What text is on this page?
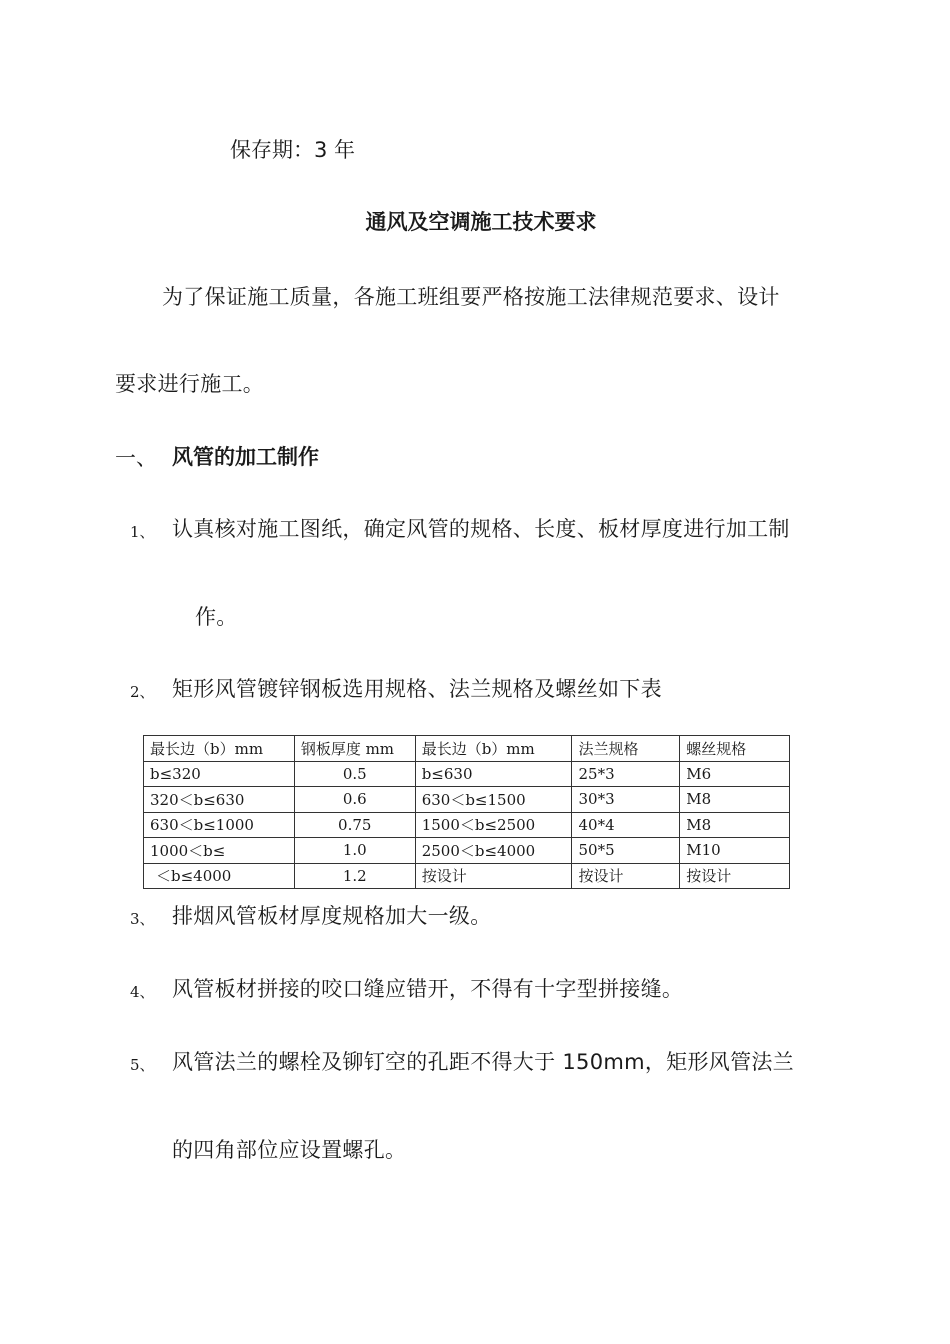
保存期：3 年
通风及空调施工技术要求
为了保证施工质量，各施工班组要严格按施工法律规范要求、设计
要求进行施工。
一、 风管的加工制作
1、 认真核对施工图纸，确定风管的规格、长度、板材厚度进行加工制
作。
2、 矩形风管镀锌钢板选用规格、法兰规格及螺丝如下表
最长边（b）mm	钢板厚度 mm	最长边（b）mm	法兰规格	螺丝规格
b≤320	0.5	b≤630	25*3	M6
320＜b≤630	0.6	630＜b≤1500	30*3	M8
630＜b≤1000	0.75	1500＜b≤2500	40*4	M8
1000＜b≤	1.0	2500＜b≤4000	50*5	M10
＜b≤4000	1.2	按设计	按设计	按设计
3、 排烟风管板材厚度规格加大一级。
4、 风管板材拼接的咬口缝应错开，不得有十字型拼接缝。
5、 风管法兰的螺栓及铆钉空的孔距不得大于 150mm，矩形风管法兰
的四角部位应设置螺孔。
